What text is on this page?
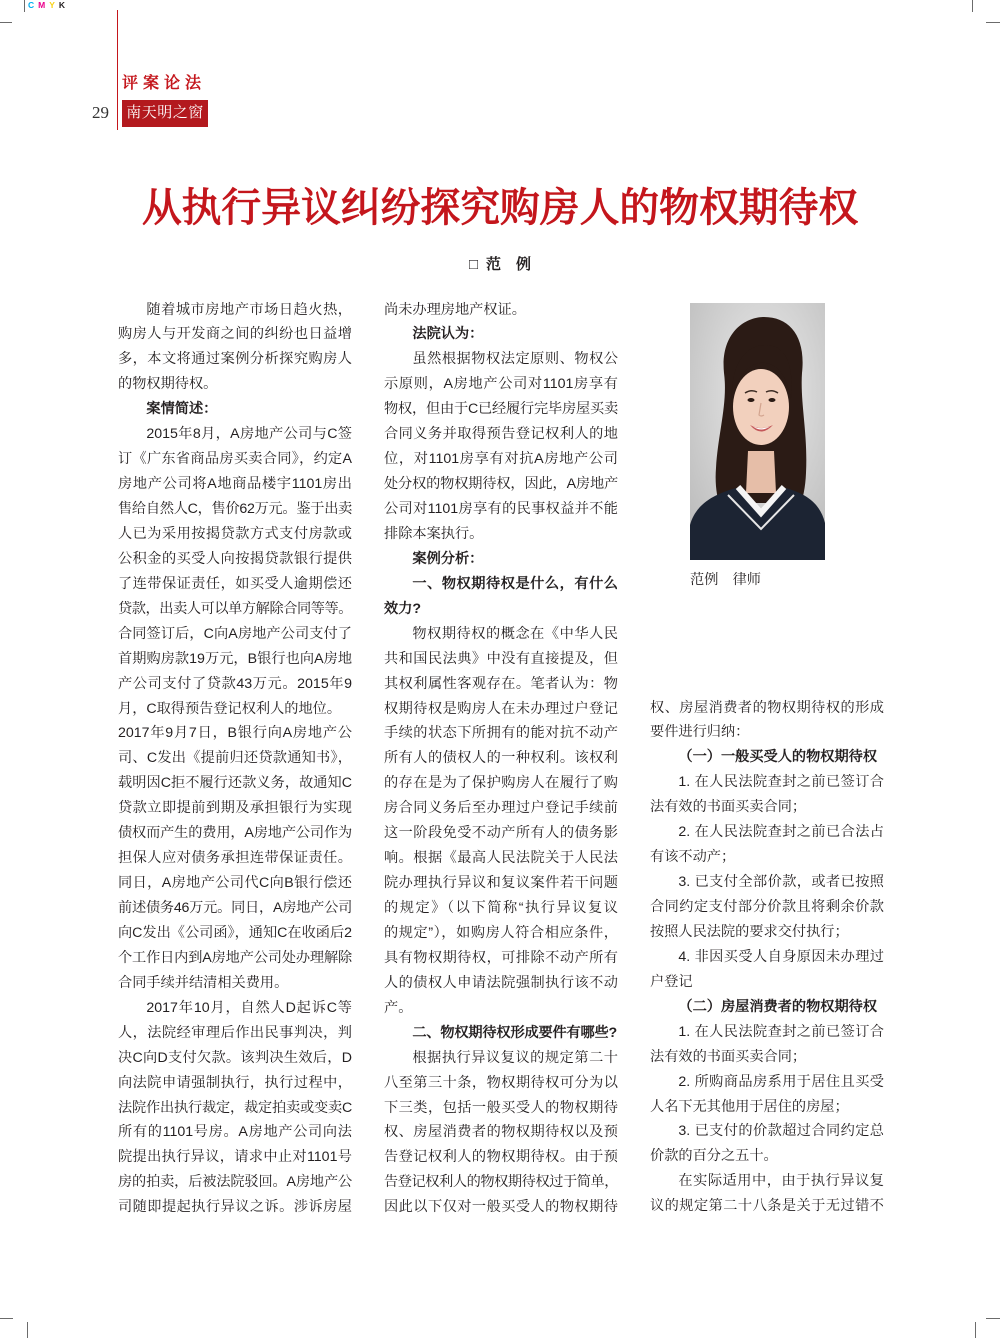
C M Y K
评案论法
29	南天明之窗
从执行异议纠纷探究购房人的物权期待权
□ 范　例
随着城市房地产市场日趋火热，
购房人与开发商之间的纠纷也日益增
多，本文将通过案例分析探究购房人
的物权期待权。
案情简述：
2015年8月，A房地产公司与C签
订《广东省商品房买卖合同》，约定A
房地产公司将A地商品楼宇1101房出
售给自然人C，售价62万元。鉴于出卖
人已为采用按揭贷款方式支付房款或
公积金的买受人向按揭贷款银行提供
了连带保证责任，如买受人逾期偿还
贷款，出卖人可以单方解除合同等等。
合同签订后，C向A房地产公司支付了
首期购房款19万元，B银行也向A房地
产公司支付了贷款43万元。2015年9
月，C取得预告登记权利人的地位。
2017年9月7日，B银行向A房地产公
司、C发出《提前归还贷款通知书》，
载明因C拒不履行还款义务，故通知C
贷款立即提前到期及承担银行为实现
债权而产生的费用，A房地产公司作为
担保人应对债务承担连带保证责任。
同日，A房地产公司代C向B银行偿还
前述债务46万元。同日，A房地产公司
向C发出《公司函》，通知C在收函后2
个工作日内到A房地产公司处办理解除
合同手续并结清相关费用。
2017年10月，自然人D起诉C等
人，法院经审理后作出民事判决，判
决C向D支付欠款。该判决生效后，D
向法院申请强制执行，执行过程中，
法院作出执行裁定，裁定拍卖或变卖C
所有的1101号房。A房地产公司向法
院提出执行异议，请求中止对1101号
房的拍卖，后被法院驳回。A房地产公
司随即提起执行异议之诉。涉诉房屋
尚未办理房地产权证。
法院认为：
虽然根据物权法定原则、物权公
示原则，A房地产公司对1101房享有
物权，但由于C已经履行完毕房屋买卖
合同义务并取得预告登记权利人的地
位，对1101房享有对抗A房地产公司
处分权的物权期待权，因此，A房地产
公司对1101房享有的民事权益并不能
排除本案执行。
案例分析：
一、物权期待权是什么，有什么
效力?
物权期待权的概念在《中华人民
共和国民法典》中没有直接提及，但
其权利属性客观存在。笔者认为：物
权期待权是购房人在未办理过户登记
手续的状态下所拥有的能对抗不动产
所有人的债权人的一种权利。该权利
的存在是为了保护购房人在履行了购
房合同义务后至办理过户登记手续前
这一阶段免受不动产所有人的债务影
响。根据《最高人民法院关于人民法
院办理执行异议和复议案件若干问题
的规定》（以下简称“执行异议复议
的规定”），如购房人符合相应条件，
具有物权期待权，可排除不动产所有
人的债权人申请法院强制执行该不动
产。
二、物权期待权形成要件有哪些?
根据执行异议复议的规定第二十
八至第三十条，物权期待权可分为以
下三类，包括一般买受人的物权期待
权、房屋消费者的物权期待权以及预
告登记权利人的物权期待权。由于预
告登记权利人的物权期待权过于简单，
因此以下仅对一般买受人的物权期待
范例　律师
权、房屋消费者的物权期待权的形成
要件进行归纳：
（一）一般买受人的物权期待权
1. 在人民法院查封之前已签订合
法有效的书面买卖合同；
2. 在人民法院查封之前已合法占
有该不动产；
3. 已支付全部价款，或者已按照
合同约定支付部分价款且将剩余价款
按照人民法院的要求交付执行；
4. 非因买受人自身原因未办理过
户登记
（二）房屋消费者的物权期待权
1. 在人民法院查封之前已签订合
法有效的书面买卖合同；
2. 所购商品房系用于居住且买受
人名下无其他用于居住的房屋；
3. 已支付的价款超过合同约定总
价款的百分之五十。
在实际适用中，由于执行异议复
议的规定第二十八条是关于无过错不
